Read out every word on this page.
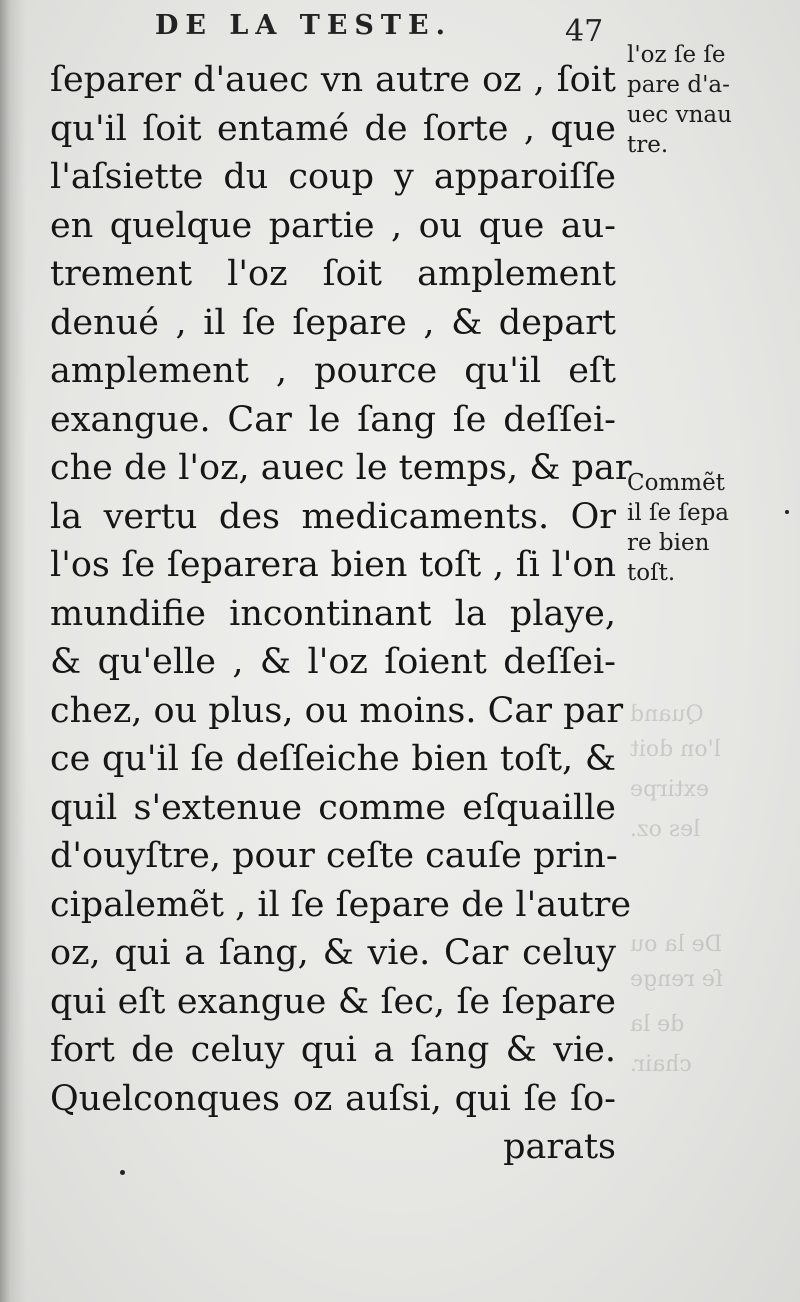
Quand
l'on doit
extirpe
les oz.
De la ou
ſe renge
de la
chair.
DE LA TESTE.	47
ſeparer d'auec vn autre oz , ſoit
qu'il ſoit entamé de ſorte , que
l'aſsiette du coup y apparoiſſe
en quelque partie , ou que au-
trement l'oz ſoit amplement
denué , il ſe ſepare , & depart
amplement , pource qu'il eſt
exangue. Car le ſang ſe deſſei-
che de l'oz, auec le temps, & par
la vertu des medicaments. Or
l'os ſe ſeparera bien toſt , ſi l'on
mundifie incontinant la playe,
& qu'elle , & l'oz ſoient deſſei-
chez, ou plus, ou moins. Car par
ce qu'il ſe deſſeiche bien toſt, &
quil s'extenue comme eſquaille
d'ouyſtre, pour ceſte cauſe prin-
cipalemẽt , il ſe ſepare de l'autre
oz, qui a ſang, & vie. Car celuy
qui eſt exangue & ſec, ſe ſepare
fort de celuy qui a ſang & vie.
Quelconques oz auſsi, qui ſe ſo-
parats
l'oz ſe ſe
pare d'a-
uec vnau
tre.
Commẽt
il ſe ſepa
re bien
toſt.
